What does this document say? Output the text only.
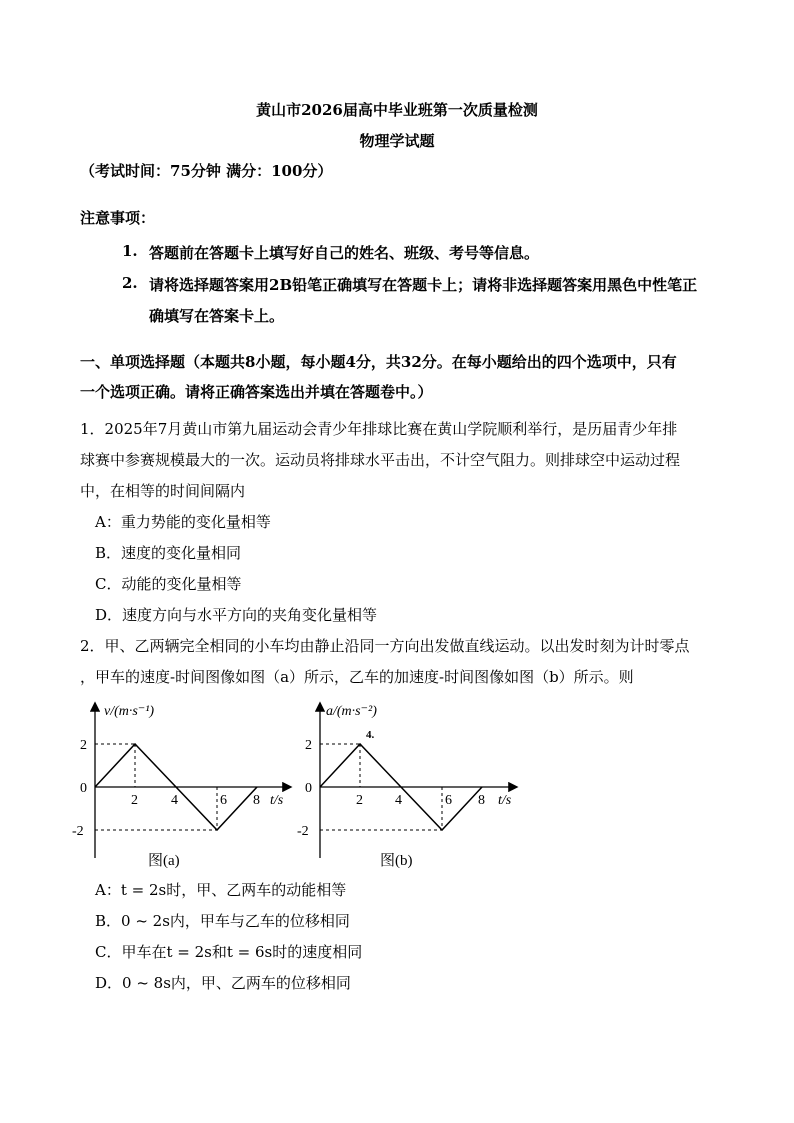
黄山市2026届高中毕业班第一次质量检测
物理学试题
（考试时间：75分钟 满分：100分）
注意事项：
1. 答题前在答题卡上填写好自己的姓名、班级、考号等信息。
2. 请将选择题答案用2B铅笔正确填写在答题卡上；请将非选择题答案用黑色中性笔正
确填写在答案卡上。
一、单项选择题（本题共8小题，每小题4分，共32分。在每小题给出的四个选项中，只有
一个选项正确。请将正确答案选出并填在答题卷中。）
1．2025年7月黄山市第九届运动会青少年排球比赛在黄山学院顺利举行，是历届青少年排
球赛中参赛规模最大的一次。运动员将排球水平击出，不计空气阻力。则排球空中运动过程
中，在相等的时间间隔内
A：重力势能的变化量相等
B．速度的变化量相同
C．动能的变化量相等
D．速度方向与水平方向的夹角变化量相等
2．甲、乙两辆完全相同的小车均由静止沿同一方向出发做直线运动。以出发时刻为计时零点
，甲车的速度-时间图像如图（a）所示，乙车的加速度-时间图像如图（b）所示。则
v/(m·s⁻¹)
t/s
2
0
-2
2 4	6 8
图(a)
a/(m·s⁻²)
4.
t/s
2
0
-2
2 4	6 8
图(b)
A：t = 2s时，甲、乙两车的动能相等
B．0 ~ 2s内，甲车与乙车的位移相同
C．甲车在t = 2s和t = 6s时的速度相同
D．0 ~ 8s内，甲、乙两车的位移相同
